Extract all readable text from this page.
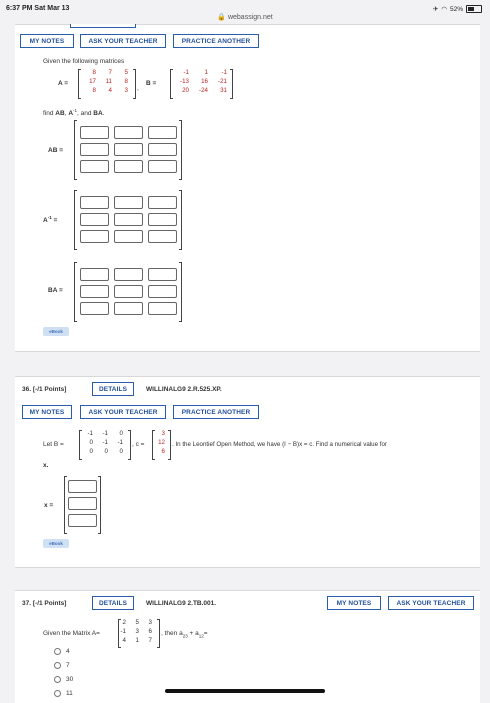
6:37 PM Sat Mar 13
🔒 webassign.net
✈ ◠ 52%
MY NOTES	ASK YOUR TEACHER	PRACTICE ANOTHER
Given the following matrices
A =
8	7	5
17	11	8
8	4	3 ,
B =
-1	1	-1
-13	16	-21
20	-24	31
find AB, $A^{-1}$, and BA.
AB =
$A^{-1}$ =
BA =
eBook
36. [-/1 Points]	DETAILS	WILLINALG9 2.R.525.XP.
MY NOTES	ASK YOUR TEACHER	PRACTICE ANOTHER
Let B =
-1	-1	0
0	-1	-1
0	0	0
, c =
3
12
6
. In the Leontief Open Method, we have (I − B)x = c. Find a numerical value for
x.
x =
eBook
37. [-/1 Points]	DETAILS	WILLINALG9 2.TB.001.	MY NOTES	ASK YOUR TEACHER
Given the Matrix A=
2	5	3
-1	3	6
4	1	7
, then $a_{23} + a_{12}=$
4
7
30
11
